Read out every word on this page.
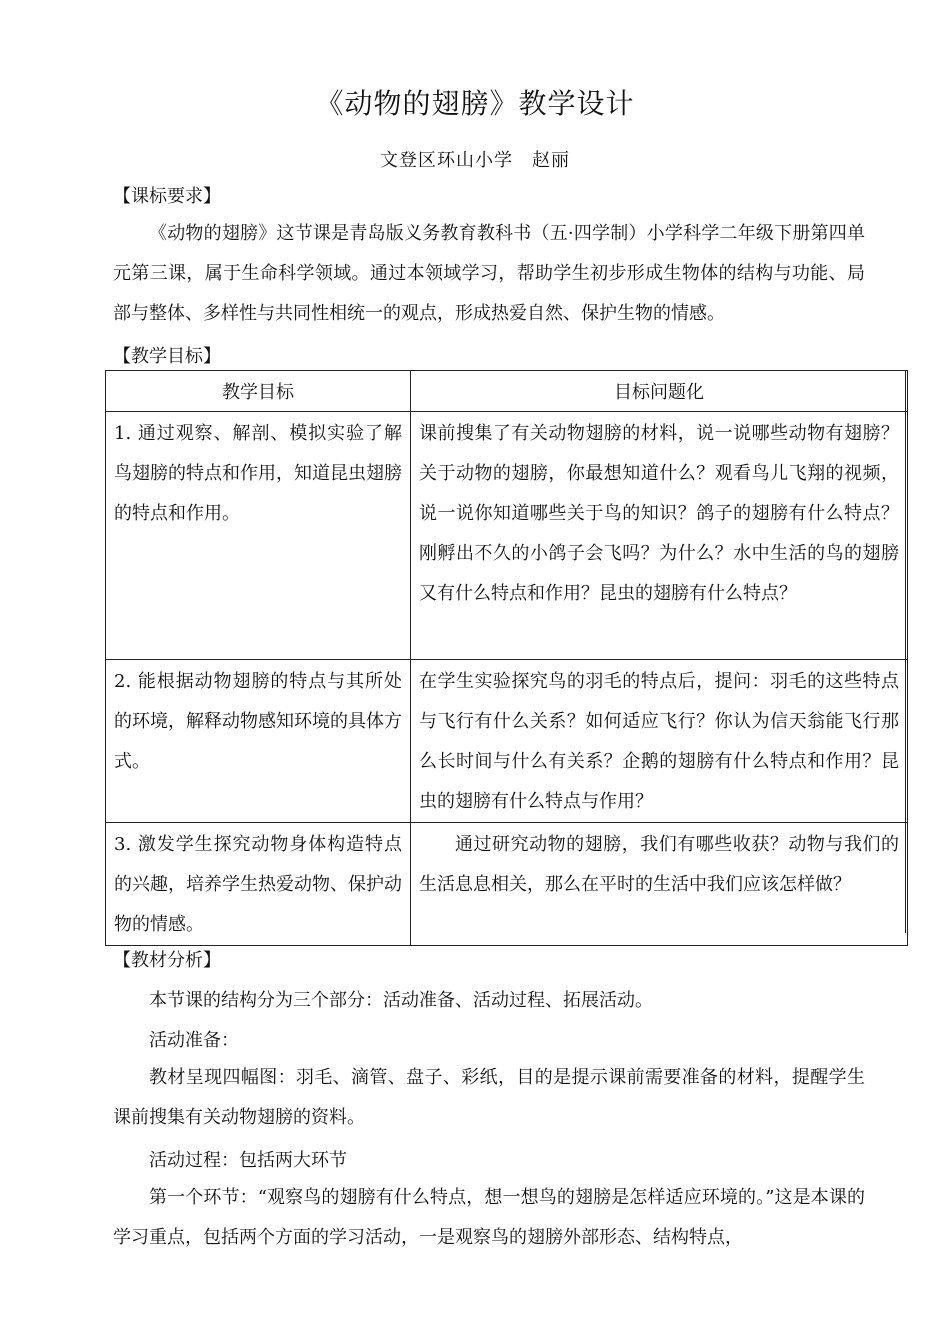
《动物的翅膀》教学设计
文登区环山小学　赵丽
【课标要求】
《动物的翅膀》这节课是青岛版义务教育教科书（五·四学制）小学科学二年级下册第四单元第三课，属于生命科学领域。通过本领域学习，帮助学生初步形成生物体的结构与功能、局部与整体、多样性与共同性相统一的观点，形成热爱自然、保护生物的情感。
【教学目标】
教学目标	目标问题化
1. 通过观察、解剖、模拟实验了解鸟翅膀的特点和作用，知道昆虫翅膀的特点和作用。	课前搜集了有关动物翅膀的材料，说一说哪些动物有翅膀？关于动物的翅膀，你最想知道什么？观看鸟儿飞翔的视频，说一说你知道哪些关于鸟的知识？鸽子的翅膀有什么特点？刚孵出不久的小鸽子会飞吗？为什么？水中生活的鸟的翅膀又有什么特点和作用？昆虫的翅膀有什么特点？
2. 能根据动物翅膀的特点与其所处的环境，解释动物感知环境的具体方式。	在学生实验探究鸟的羽毛的特点后，提问：羽毛的这些特点与飞行有什么关系？如何适应飞行？你认为信天翁能飞行那么长时间与什么有关系？企鹅的翅膀有什么特点和作用？昆虫的翅膀有什么特点与作用？
3. 激发学生探究动物身体构造特点的兴趣，培养学生热爱动物、保护动物的情感。	通过研究动物的翅膀，我们有哪些收获？动物与我们的生活息息相关，那么在平时的生活中我们应该怎样做？
【教材分析】
本节课的结构分为三个部分：活动准备、活动过程、拓展活动。
活动准备：
教材呈现四幅图：羽毛、滴管、盘子、彩纸，目的是提示课前需要准备的材料，提醒学生课前搜集有关动物翅膀的资料。
活动过程：包括两大环节
第一个环节：“观察鸟的翅膀有什么特点，想一想鸟的翅膀是怎样适应环境的。”这是本课的学习重点，包括两个方面的学习活动，一是观察鸟的翅膀外部形态、结构特点，
